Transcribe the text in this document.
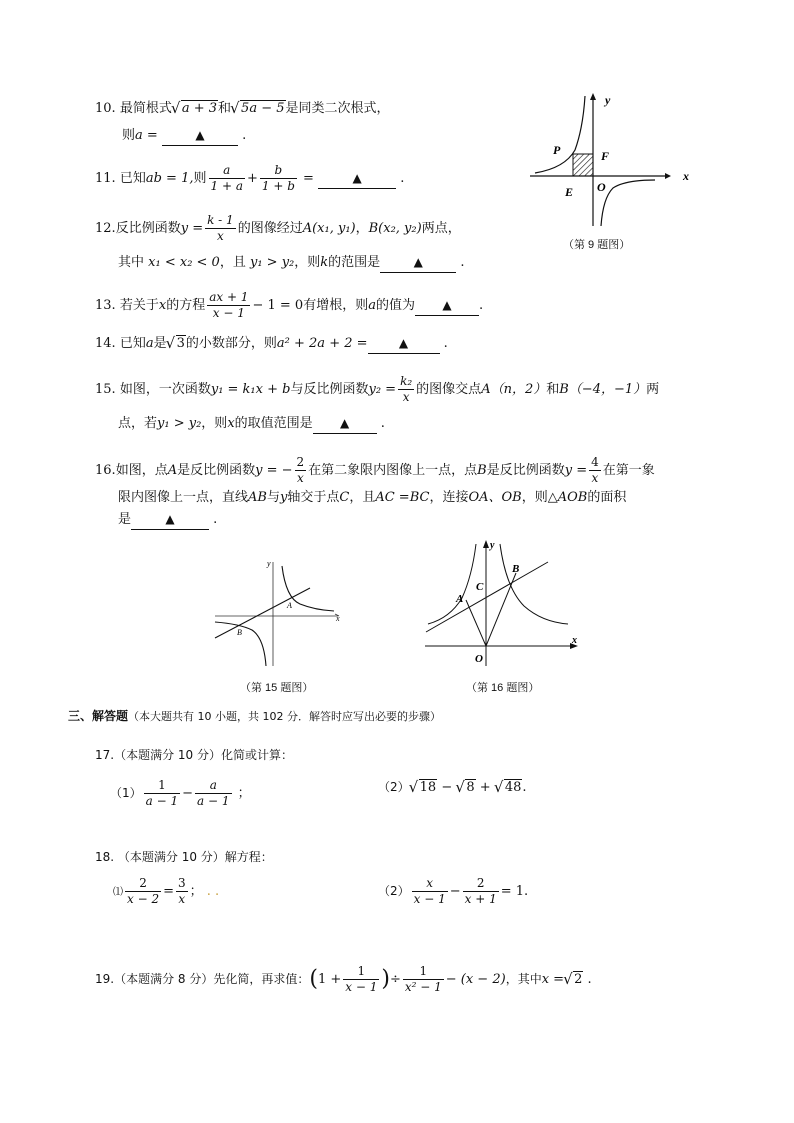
10. 最简根式 √ a + 3和 √ 5a − 5是同类二次根式，
则a =	▲	.
11. 已知ab = 1,则 $\frac{a}{1 + a} + \frac{b}{1 + b}$ =	▲	.
12.反比例函数$y = \frac{k - 1}{x}$ 的图像经过A(x₁, y₁)，B(x₂, y₂)两点，
其中 x₁ < x₂ < 0，且 y₁ > y₂，则k的范围是	▲	.
13. 若关于x的方程 $\frac{ax + 1}{x - 1} - 1 = 0$有增根，则a的值为 ▲ .
14. 已知a是 √ 3的小数部分，则a² + 2a + 2 =	▲ .
15. 如图，一次函数y₁ = k₁x + b与反比例函数$y_2 = \frac{\text{k₂}}{x}$ 的图像交点A（n，2）和B（−4，−1）两
点，若y₁ > y₂，则x的取值范围是 ▲ .
16.如图，点A是反比例函数y = − $\frac{2}{x}$ 在第二象限内图像上一点，点B是反比例函数$y = \frac{4}{x}$ 在第一象
限内图像上一点，直线AB与y轴交于点C，且AC =BC，连接OA、OB，则△AOB的面积
是	▲	.
y
x
P	F
E O
（第 9 题图）
y
x
A
B
（第 15 题图）
y
x
A
C
B
O
（第 16 题图）
三、解答题（本大题共有 10 小题，共 102 分．解答时应写出必要的步骤）
17.（本题满分 10 分）化简或计算：
$(1) \frac{1}{a - 1} - \frac{a}{a - 1}$ ；	（2） √ 18 − √ 8 + √ 48.
18. （本题满分 10 分）解方程：
⑴ $\frac{2}{x - 2} = \frac{3}{x}$ ； . .	$(2) \frac{x}{x - 1} - \frac{2}{x + 1} = 1$.
19.（本题满分 8 分）先化简，再求值：($1 + \frac{1}{x - 1}$ )÷ $\frac{1}{\text{x² − 1}} - (x - 2)$，其中x = √ 2 .
